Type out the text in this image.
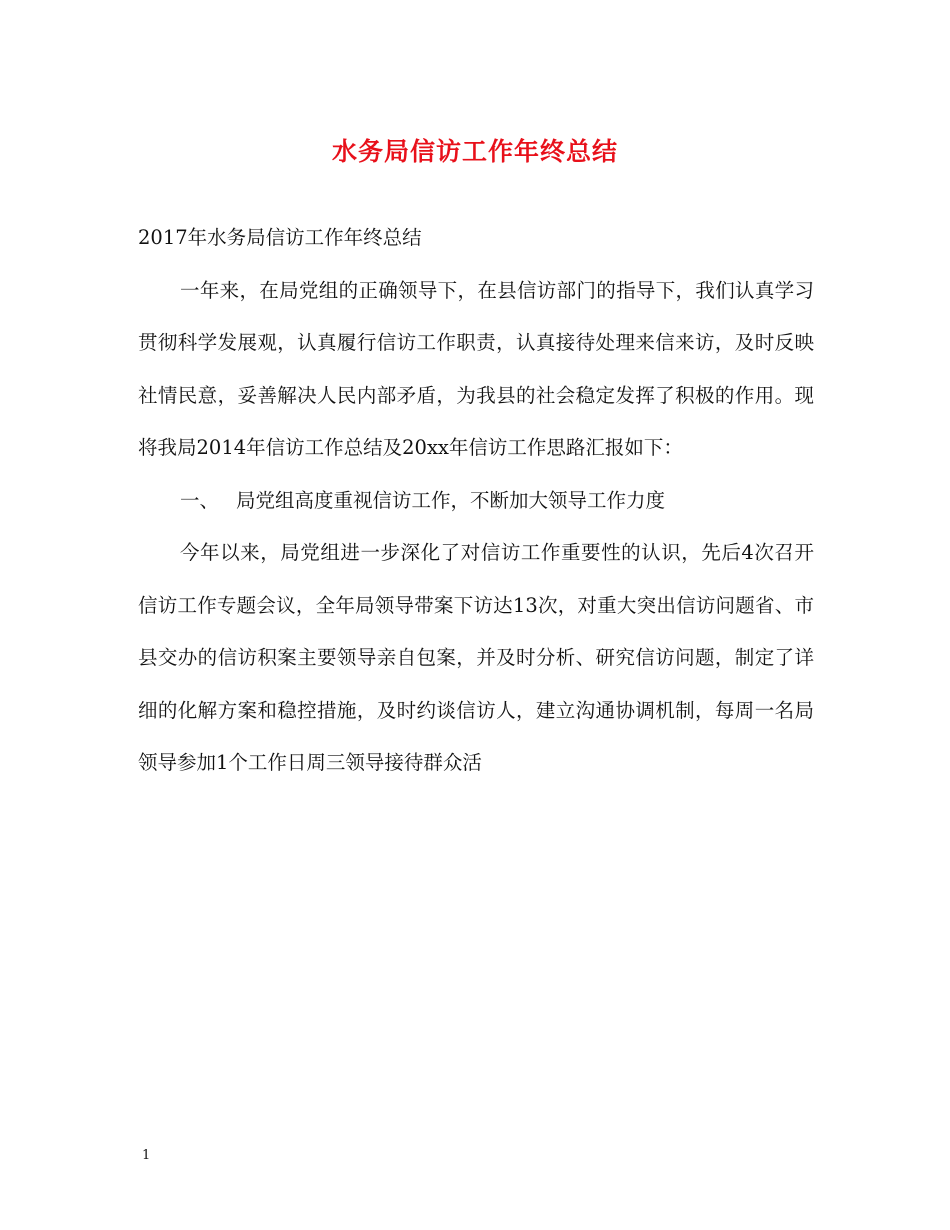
水务局信访工作年终总结

2017年水务局信访工作年终总结

一年来，在局党组的正确领导下，在县信访部门的指导下，我们认真学习贯彻科学发展观，认真履行信访工作职责，认真接待处理来信来访，及时反映社情民意，妥善解决人民内部矛盾，为我县的社会稳定发挥了积极的作用。现将我局2014年信访工作总结及20xx年信访工作思路汇报如下：

一、 局党组高度重视信访工作，不断加大领导工作力度

今年以来，局党组进一步深化了对信访工作重要性的认识，先后4次召开信访工作专题会议，全年局领导带案下访达13次，对重大突出信访问题省、市县交办的信访积案主要领导亲自包案，并及时分析、研究信访问题，制定了详细的化解方案和稳控措施，及时约谈信访人，建立沟通协调机制，每周一名局领导参加1个工作日周三领导接待群众活

1
